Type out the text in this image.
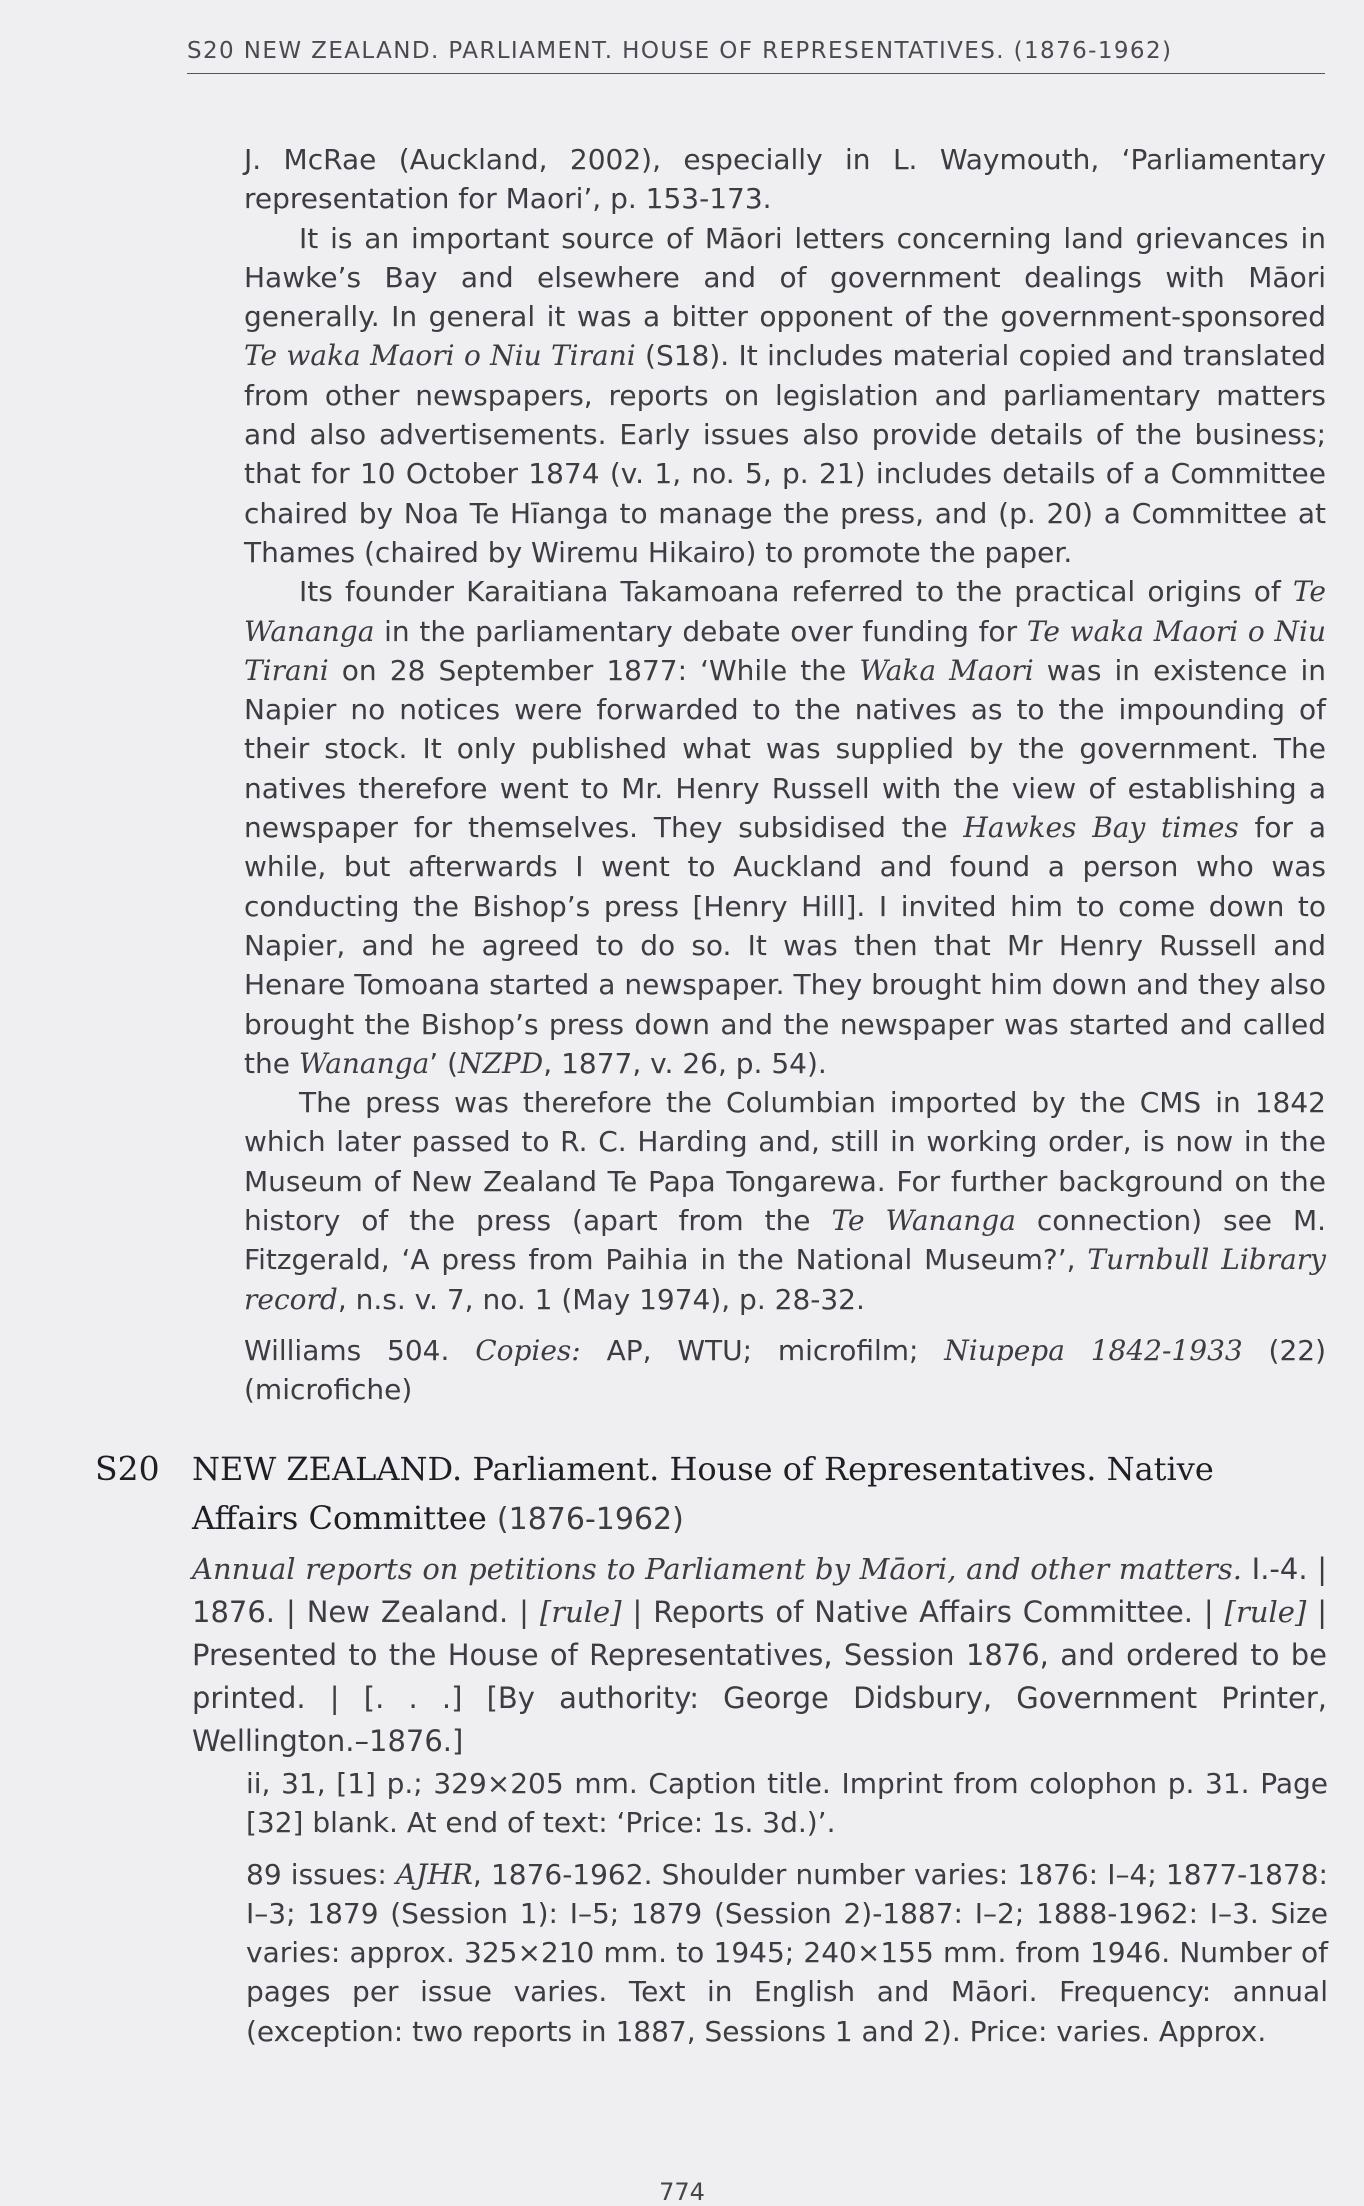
S20 NEW ZEALAND. PARLIAMENT. HOUSE OF REPRESENTATIVES. (1876-1962)

J. McRae (Auckland, 2002), especially in L. Waymouth, ‘Parliamentary representation for Maori’, p. 153-173.

It is an important source of Māori letters concerning land grievances in Hawke’s Bay and elsewhere and of government dealings with Māori generally. In general it was a bitter opponent of the government-sponsored Te waka Maori o Niu Tirani (S18). It includes material copied and translated from other newspapers, reports on legislation and parliamentary matters and also advertisements. Early issues also provide details of the business; that for 10 October 1874 (v. 1, no. 5, p. 21) includes details of a Committee chaired by Noa Te Hīanga to manage the press, and (p. 20) a Committee at Thames (chaired by Wiremu Hikairo) to promote the paper.

Its founder Karaitiana Takamoana referred to the practical origins of Te Wananga in the parliamentary debate over funding for Te waka Maori o Niu Tirani on 28 September 1877: ‘While the Waka Maori was in existence in Napier no notices were forwarded to the natives as to the impounding of their stock. It only published what was supplied by the government. The natives therefore went to Mr. Henry Russell with the view of establishing a newspaper for themselves. They subsidised the Hawkes Bay times for a while, but afterwards I went to Auckland and found a person who was conducting the Bishop’s press [Henry Hill]. I invited him to come down to Napier, and he agreed to do so. It was then that Mr Henry Russell and Henare Tomoana started a newspaper. They brought him down and they also brought the Bishop’s press down and the newspaper was started and called the Wananga’ (NZPD, 1877, v. 26, p. 54).

The press was therefore the Columbian imported by the CMS in 1842 which later passed to R. C. Harding and, still in working order, is now in the Museum of New Zealand Te Papa Tongarewa. For further background on the history of the press (apart from the Te Wananga connection) see M. Fitzgerald, ‘A press from Paihia in the National Museum?’, Turnbull Library record, n.s. v. 7, no. 1 (May 1974), p. 28-32.

Williams 504. Copies: AP, WTU; microfilm; Niupepa 1842-1933 (22) (microfiche)

S20 NEW ZEALAND. Parliament. House of Representatives. Native Affairs Committee (1876-1962)

Annual reports on petitions to Parliament by Māori, and other matters. I.-4. | 1876. | New Zealand. | [rule] | Reports of Native Affairs Committee. | [rule] | Presented to the House of Representatives, Session 1876, and ordered to be printed. | [. . .] [By authority: George Didsbury, Government Printer, Wellington.–1876.]

ii, 31, [1] p.; 329×205 mm. Caption title. Imprint from colophon p. 31. Page [32] blank. At end of text: ‘Price: 1s. 3d.)’.

89 issues: AJHR, 1876-1962. Shoulder number varies: 1876: I–4; 1877-1878: I–3; 1879 (Session 1): I–5; 1879 (Session 2)-1887: I–2; 1888-1962: I–3. Size varies: approx. 325×210 mm. to 1945; 240×155 mm. from 1946. Number of pages per issue varies. Text in English and Māori. Frequency: annual (exception: two reports in 1887, Sessions 1 and 2). Price: varies. Approx.

774
